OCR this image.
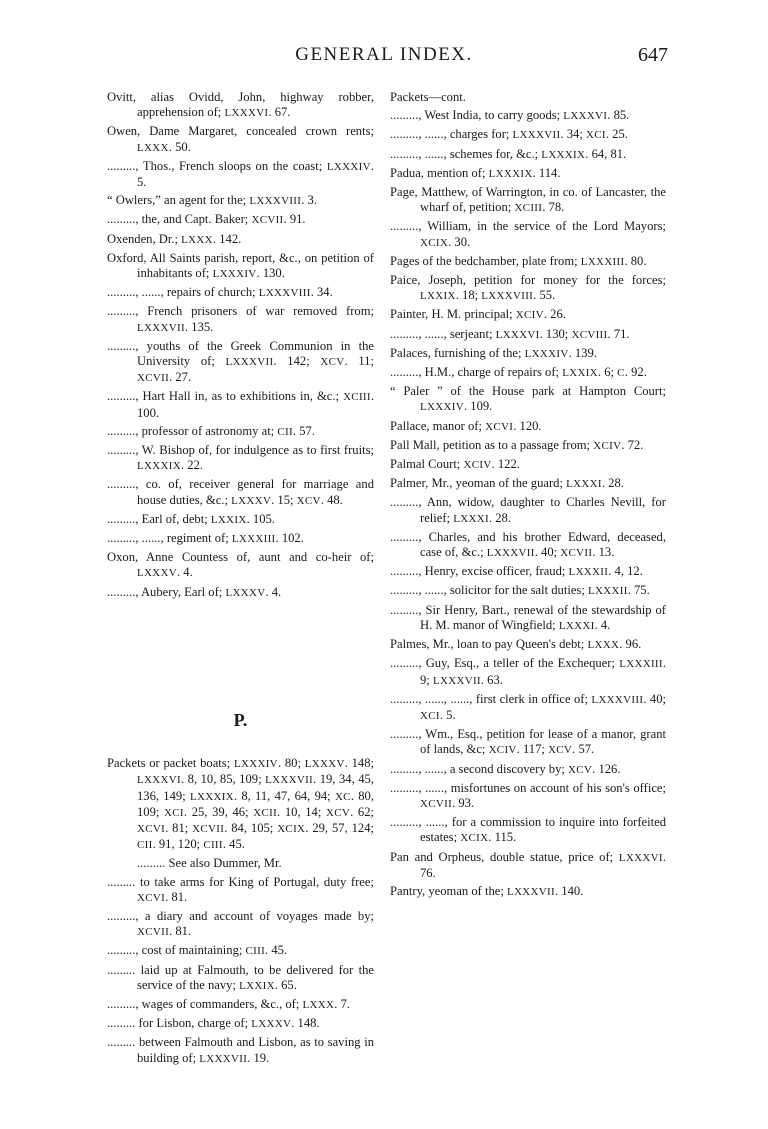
GENERAL INDEX.	647
Ovitt, alias Ovidd, John, highway robber, apprehension of; LXXXVI. 67.
Owen, Dame Margaret, concealed crown rents; LXXX. 50.
........., Thos., French sloops on the coast; LXXXIV. 5.
“ Owlers,” an agent for the; LXXXVIII. 3.
........., the, and Capt. Baker; XCVII. 91.
Oxenden, Dr.; LXXX. 142.
Oxford, All Saints parish, report, &c., on petition of inhabitants of; LXXXIV. 130.
........., ......, repairs of church; LXXXVIII. 34.
........., French prisoners of war removed from; LXXXVII. 135.
........., youths of the Greek Communion in the University of; LXXXVII. 142; XCV. 11; XCVII. 27.
........., Hart Hall in, as to exhibitions in, &c.; XCIII. 100.
........., professor of astronomy at; CII. 57.
........., W. Bishop of, for indulgence as to first fruits; LXXXIX. 22.
........., co. of, receiver general for marriage and house duties, &c.; LXXXV. 15; XCV. 48.
........., Earl of, debt; LXXIX. 105.
........., ......, regiment of; LXXXIII. 102.
Oxon, Anne Countess of, aunt and co-heir of; LXXXV. 4.
........., Aubery, Earl of; LXXXV. 4.
P.
Packets or packet boats; LXXXIV. 80; LXXXV. 148; LXXXVI. 8, 10, 85, 109; LXXXVII. 19, 34, 45, 136, 149; LXXXIX. 8, 11, 47, 64, 94; XC. 80, 109; XCI. 25, 39, 46; XCII. 10, 14; XCV. 62; XCVI. 81; XCVII. 84, 105; XCIX. 29, 57, 124; CII. 91, 120; CIII. 45.
......... See also Dummer, Mr.
......... to take arms for King of Portugal, duty free; XCVI. 81.
........., a diary and account of voyages made by; XCVII. 81.
........., cost of maintaining; CIII. 45.
......... laid up at Falmouth, to be delivered for the service of the navy; LXXIX. 65.
........., wages of commanders, &c., of; LXXX. 7.
......... for Lisbon, charge of; LXXXV. 148.
......... between Falmouth and Lisbon, as to saving in building of; LXXXVII. 19.
Packets—cont.
........., West India, to carry goods; LXXXVI. 85.
........., ......, charges for; LXXXVII. 34; XCI. 25.
........., ......, schemes for, &c.; LXXXIX. 64, 81.
Padua, mention of; LXXXIX. 114.
Page, Matthew, of Warrington, in co. of Lancaster, the wharf of, petition; XCIII. 78.
........., William, in the service of the Lord Mayors; XCIX. 30.
Pages of the bedchamber, plate from; LXXXIII. 80.
Paice, Joseph, petition for money for the forces; LXXIX. 18; LXXXVIII. 55.
Painter, H. M. principal; XCIV. 26.
........., ......, serjeant; LXXXVI. 130; XCVIII. 71.
Palaces, furnishing of the; LXXXIV. 139.
........., H.M., charge of repairs of; LXXIX. 6; C. 92.
“ Paler ” of the House park at Hampton Court; LXXXIV. 109.
Pallace, manor of; XCVI. 120.
Pall Mall, petition as to a passage from; XCIV. 72.
Palmal Court; XCIV. 122.
Palmer, Mr., yeoman of the guard; LXXXI. 28.
........., Ann, widow, daughter to Charles Nevill, for relief; LXXXI. 28.
........., Charles, and his brother Edward, deceased, case of, &c.; LXXXVII. 40; XCVII. 13.
........., Henry, excise officer, fraud; LXXXII. 4, 12.
........., ......, solicitor for the salt duties; LXXXII. 75.
........., Sir Henry, Bart., renewal of the stewardship of H. M. manor of Wingfield; LXXXI. 4.
Palmes, Mr., loan to pay Queen's debt; LXXX. 96.
........., Guy, Esq., a teller of the Exchequer; LXXXIII. 9; LXXXVII. 63.
........., ......, ......, first clerk in office of; LXXXVIII. 40; XCI. 5.
........., Wm., Esq., petition for lease of a manor, grant of lands, &c; XCIV. 117; XCV. 57.
........., ......, a second discovery by; XCV. 126.
........., ......, misfortunes on account of his son's office; XCVII. 93.
........., ......, for a commission to inquire into forfeited estates; XCIX. 115.
Pan and Orpheus, double statue, price of; LXXXVI. 76.
Pantry, yeoman of the; LXXXVII. 140.
